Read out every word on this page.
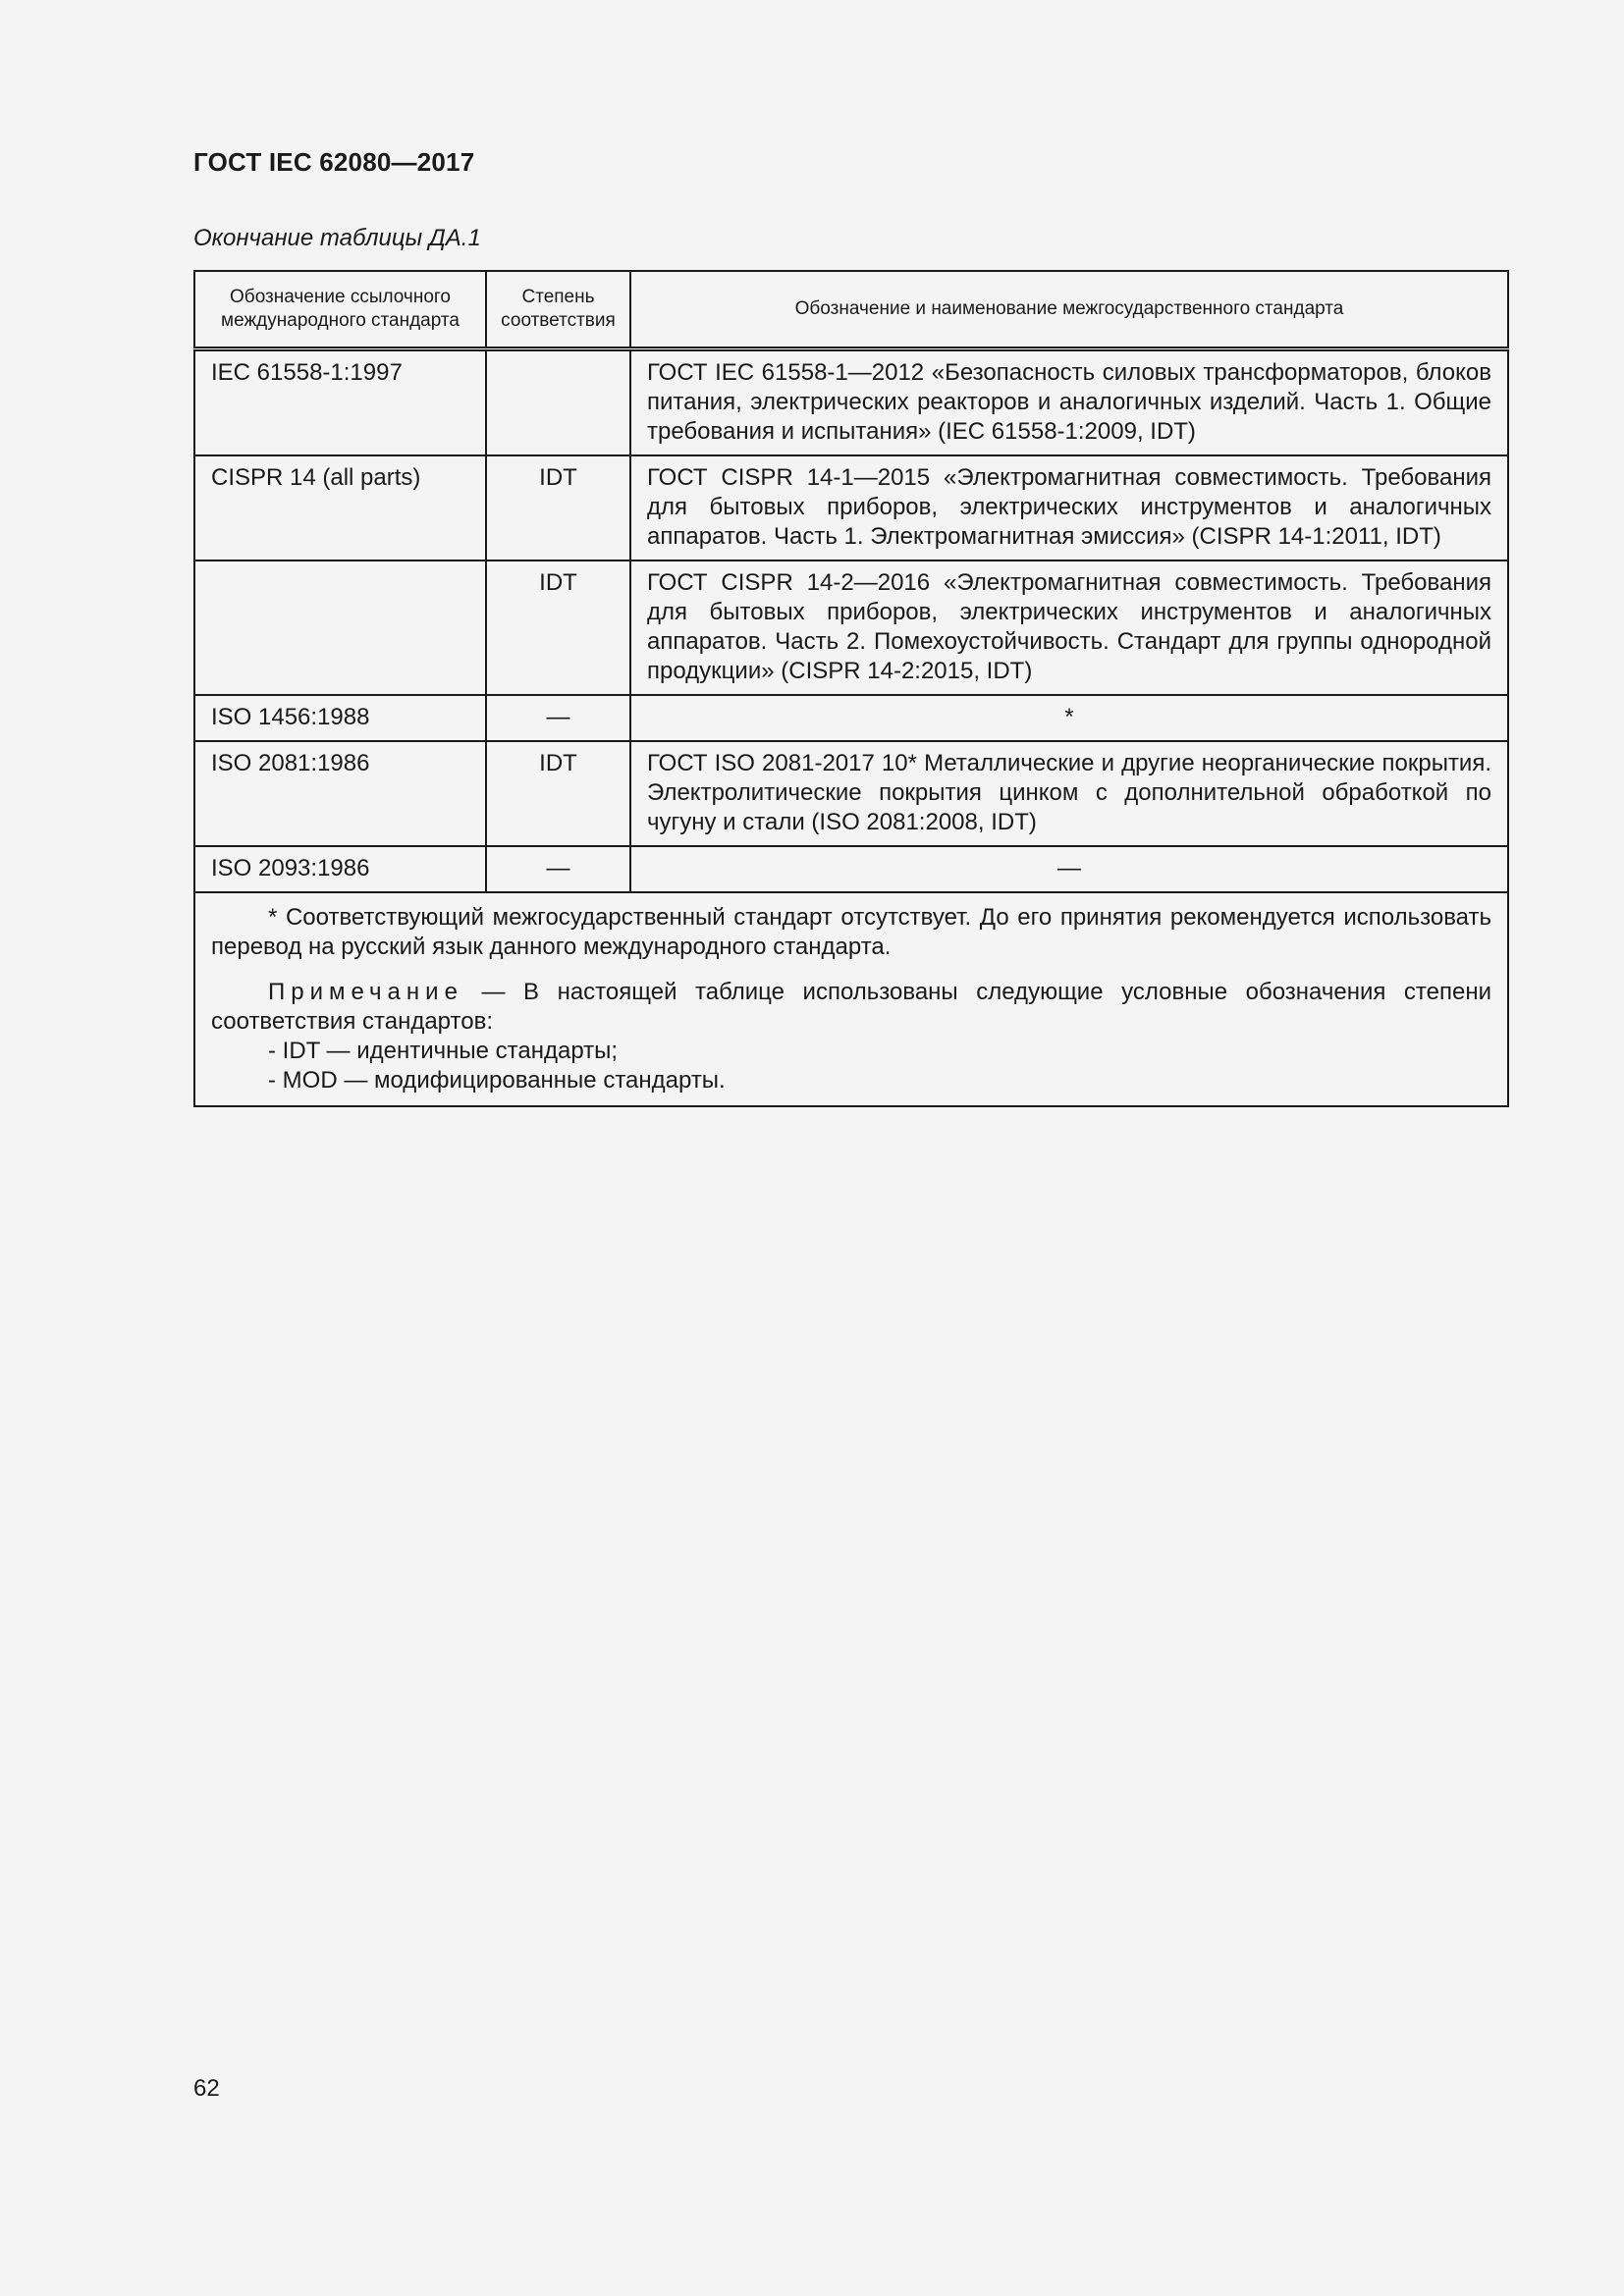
ГОСТ IEC 62080—2017
Окончание таблицы ДА.1
Обозначение ссылочного международного стандарта	Степень соответствия	Обозначение и наименование межгосударственного стандарта
IEC 61558-1:1997		ГОСТ IEC 61558-1—2012 «Безопасность силовых трансформаторов, блоков питания, электрических реакторов и аналогичных изделий. Часть 1. Общие требования и испытания» (IEC 61558-1:2009, IDT)
CISPR 14 (all parts)	IDT	ГОСТ CISPR 14-1—2015 «Электромагнитная совместимость. Требования для бытовых приборов, электрических инструментов и аналогичных аппаратов. Часть 1. Электромагнитная эмиссия» (CISPR 14-1:2011, IDT)
	IDT	ГОСТ CISPR 14-2—2016 «Электромагнитная совместимость. Требования для бытовых приборов, электрических инструментов и аналогичных аппаратов. Часть 2. Помехоустойчивость. Стандарт для группы однородной продукции» (CISPR 14-2:2015, IDT)
ISO 1456:1988	—	*
ISO 2081:1986	IDT	ГОСТ ISO 2081-2017 10* Металлические и другие неорганические покрытия. Электролитические покрытия цинком с дополнительной обработкой по чугуну и стали (ISO 2081:2008, IDT)
ISO 2093:1986	—	—

* Соответствующий межгосударственный стандарт отсутствует. До его принятия рекомендуется использовать перевод на русский язык данного международного стандарта.

Примечание — В настоящей таблице использованы следующие условные обозначения степени соответствия стандартов:

- IDT — идентичные стандарты;

- MOD — модифицированные стандарты.		

62
